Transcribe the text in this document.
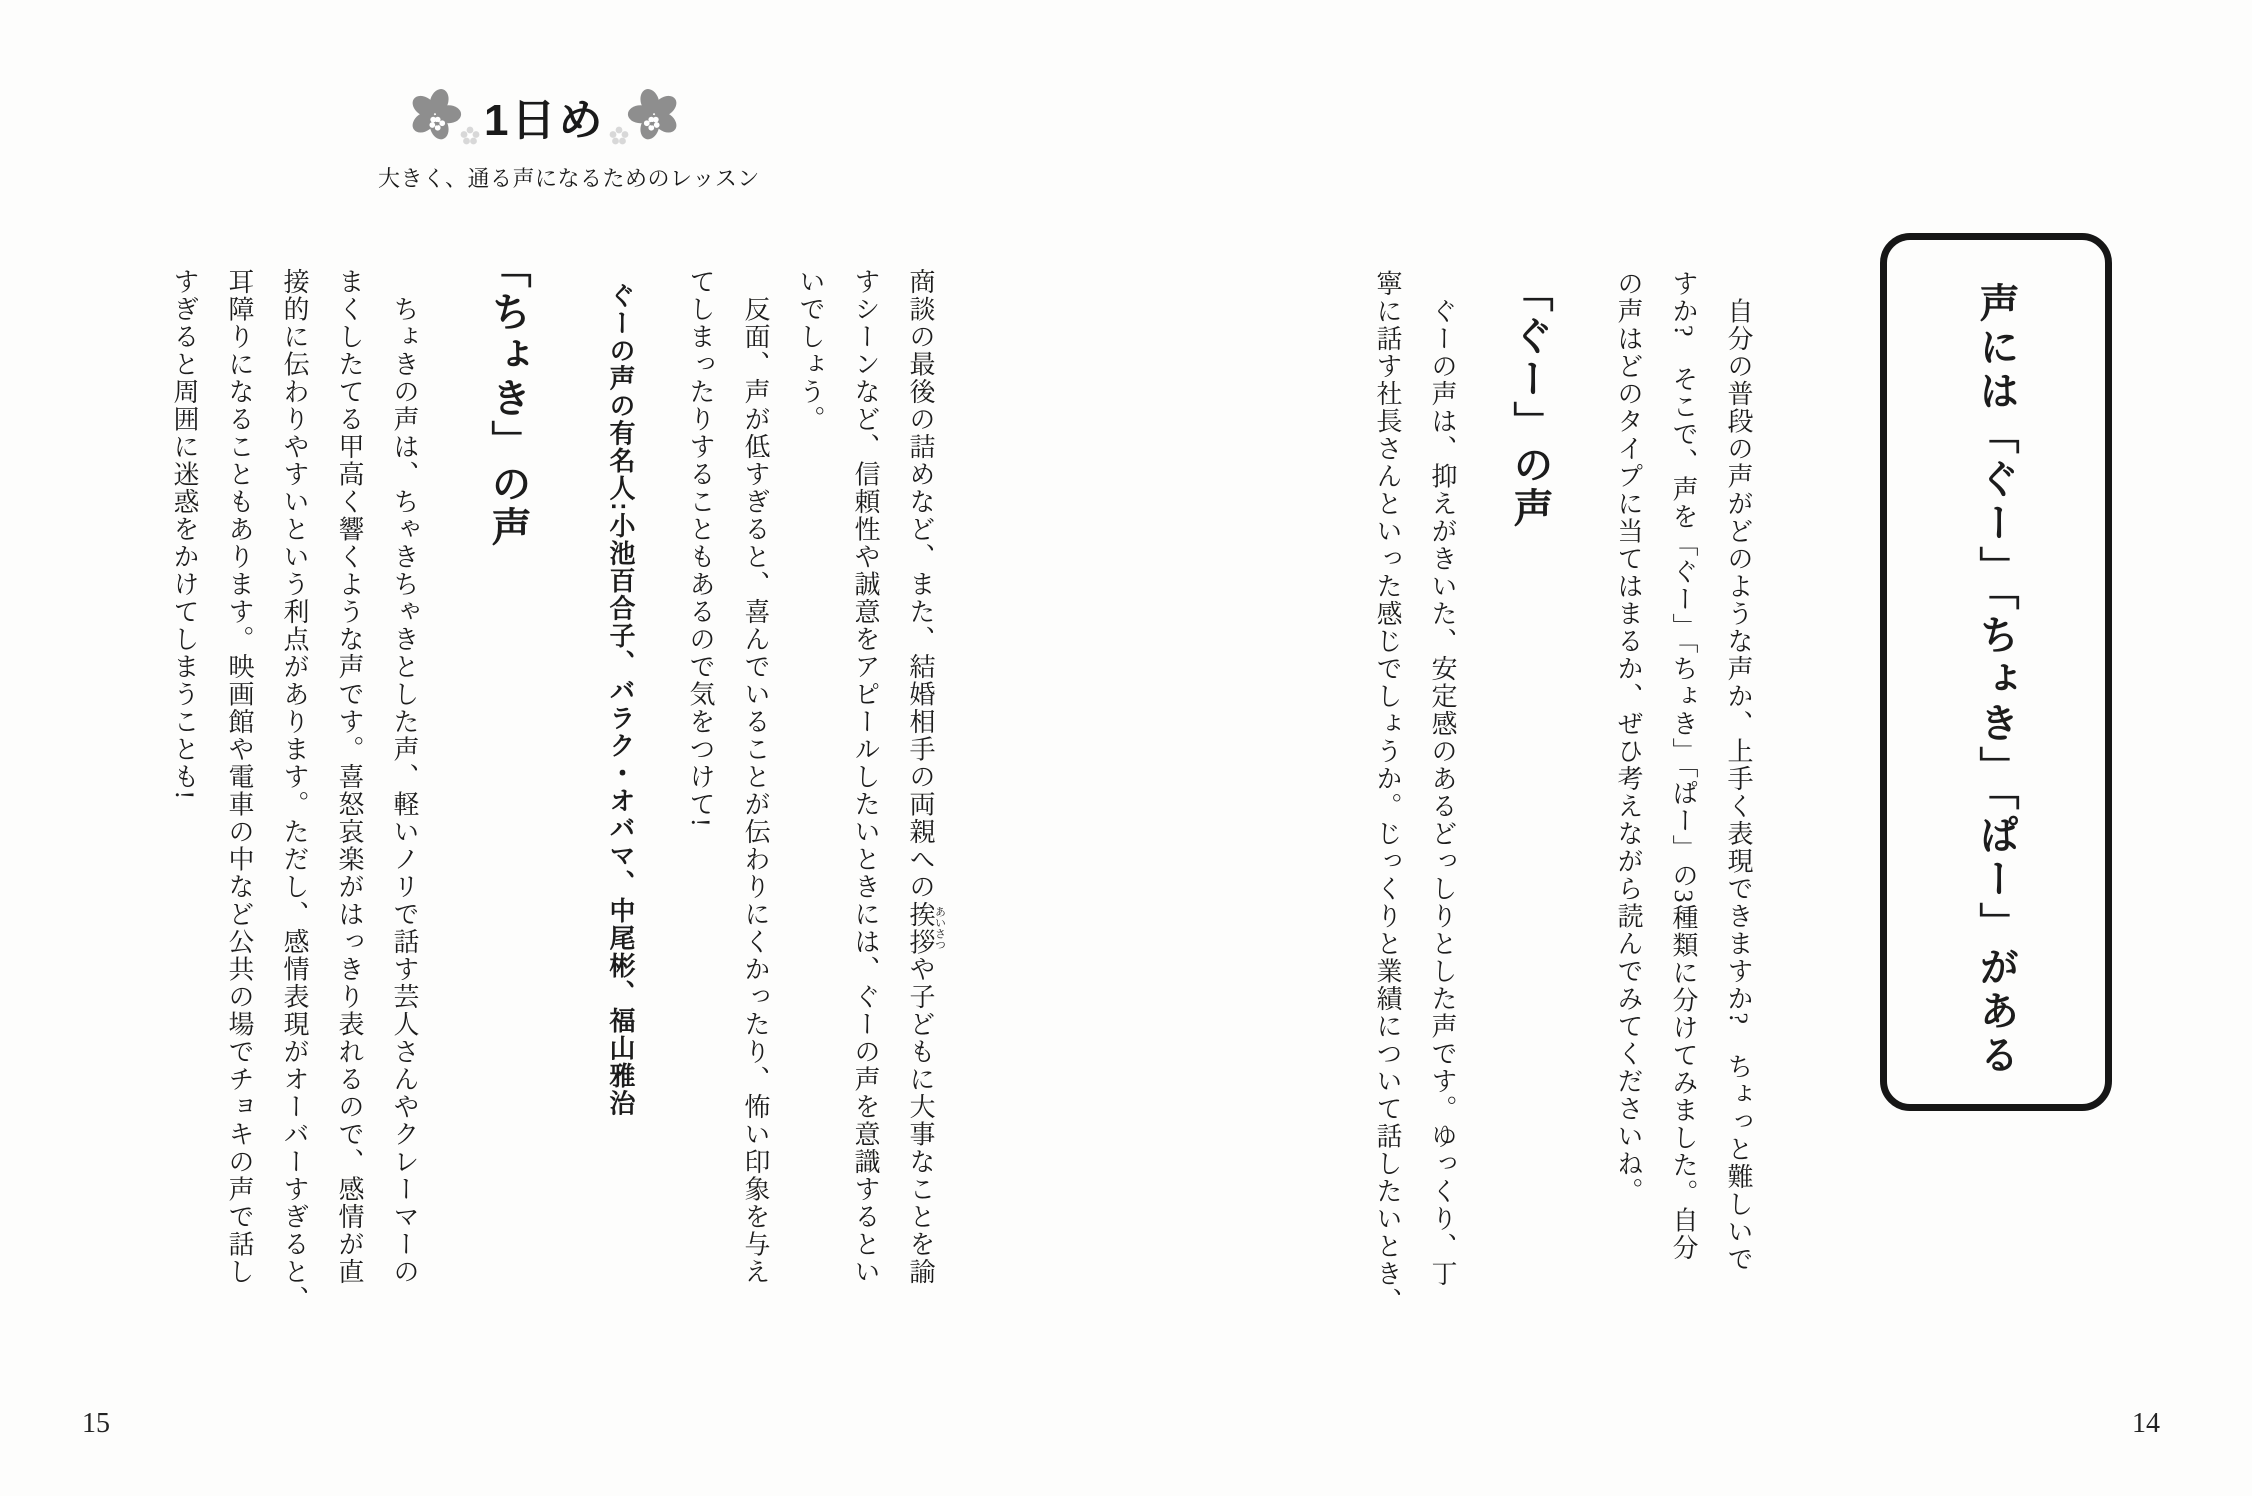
声には「ぐー」「ちょき」「ぱー」がある
　自分の普段の声がどのような声か、上手く表現できますか?　ちょっと難しいで
すか?　そこで、声を「ぐー」「ちょき」「ぱー」の3種類に分けてみました。自分
の声はどのタイプに当てはまるか、ぜひ考えながら読んでみてくださいね。
「ぐー」の声
　ぐーの声は、抑えがきいた、安定感のあるどっしりとした声です。ゆっくり、丁
寧に話す社長さんといった感じでしょうか。じっくりと業績について話したいとき、
14
1日め
大きく、通る声になるためのレッスン
商談の最後の詰めなど、また、結婚相手の両親への挨拶あいさつや子どもに大事なことを諭
すシーンなど、信頼性や誠意をアピールしたいときには、ぐーの声を意識するとい
いでしょう。
　反面、声が低すぎると、喜んでいることが伝わりにくかったり、怖い印象を与え
てしまったりすることもあるので気をつけて!
ぐーの声の有名人:小池百合子、バラク・オバマ、中尾彬、福山雅治
「ちょき」の声
　ちょきの声は、ちゃきちゃきとした声、軽いノリで話す芸人さんやクレーマーの
まくしたてる甲高く響くような声です。喜怒哀楽がはっきり表れるので、感情が直
接的に伝わりやすいという利点があります。ただし、感情表現がオーバーすぎると、
耳障りになることもあります。映画館や電車の中など公共の場でチョキの声で話し
すぎると周囲に迷惑をかけてしまうことも!
15
